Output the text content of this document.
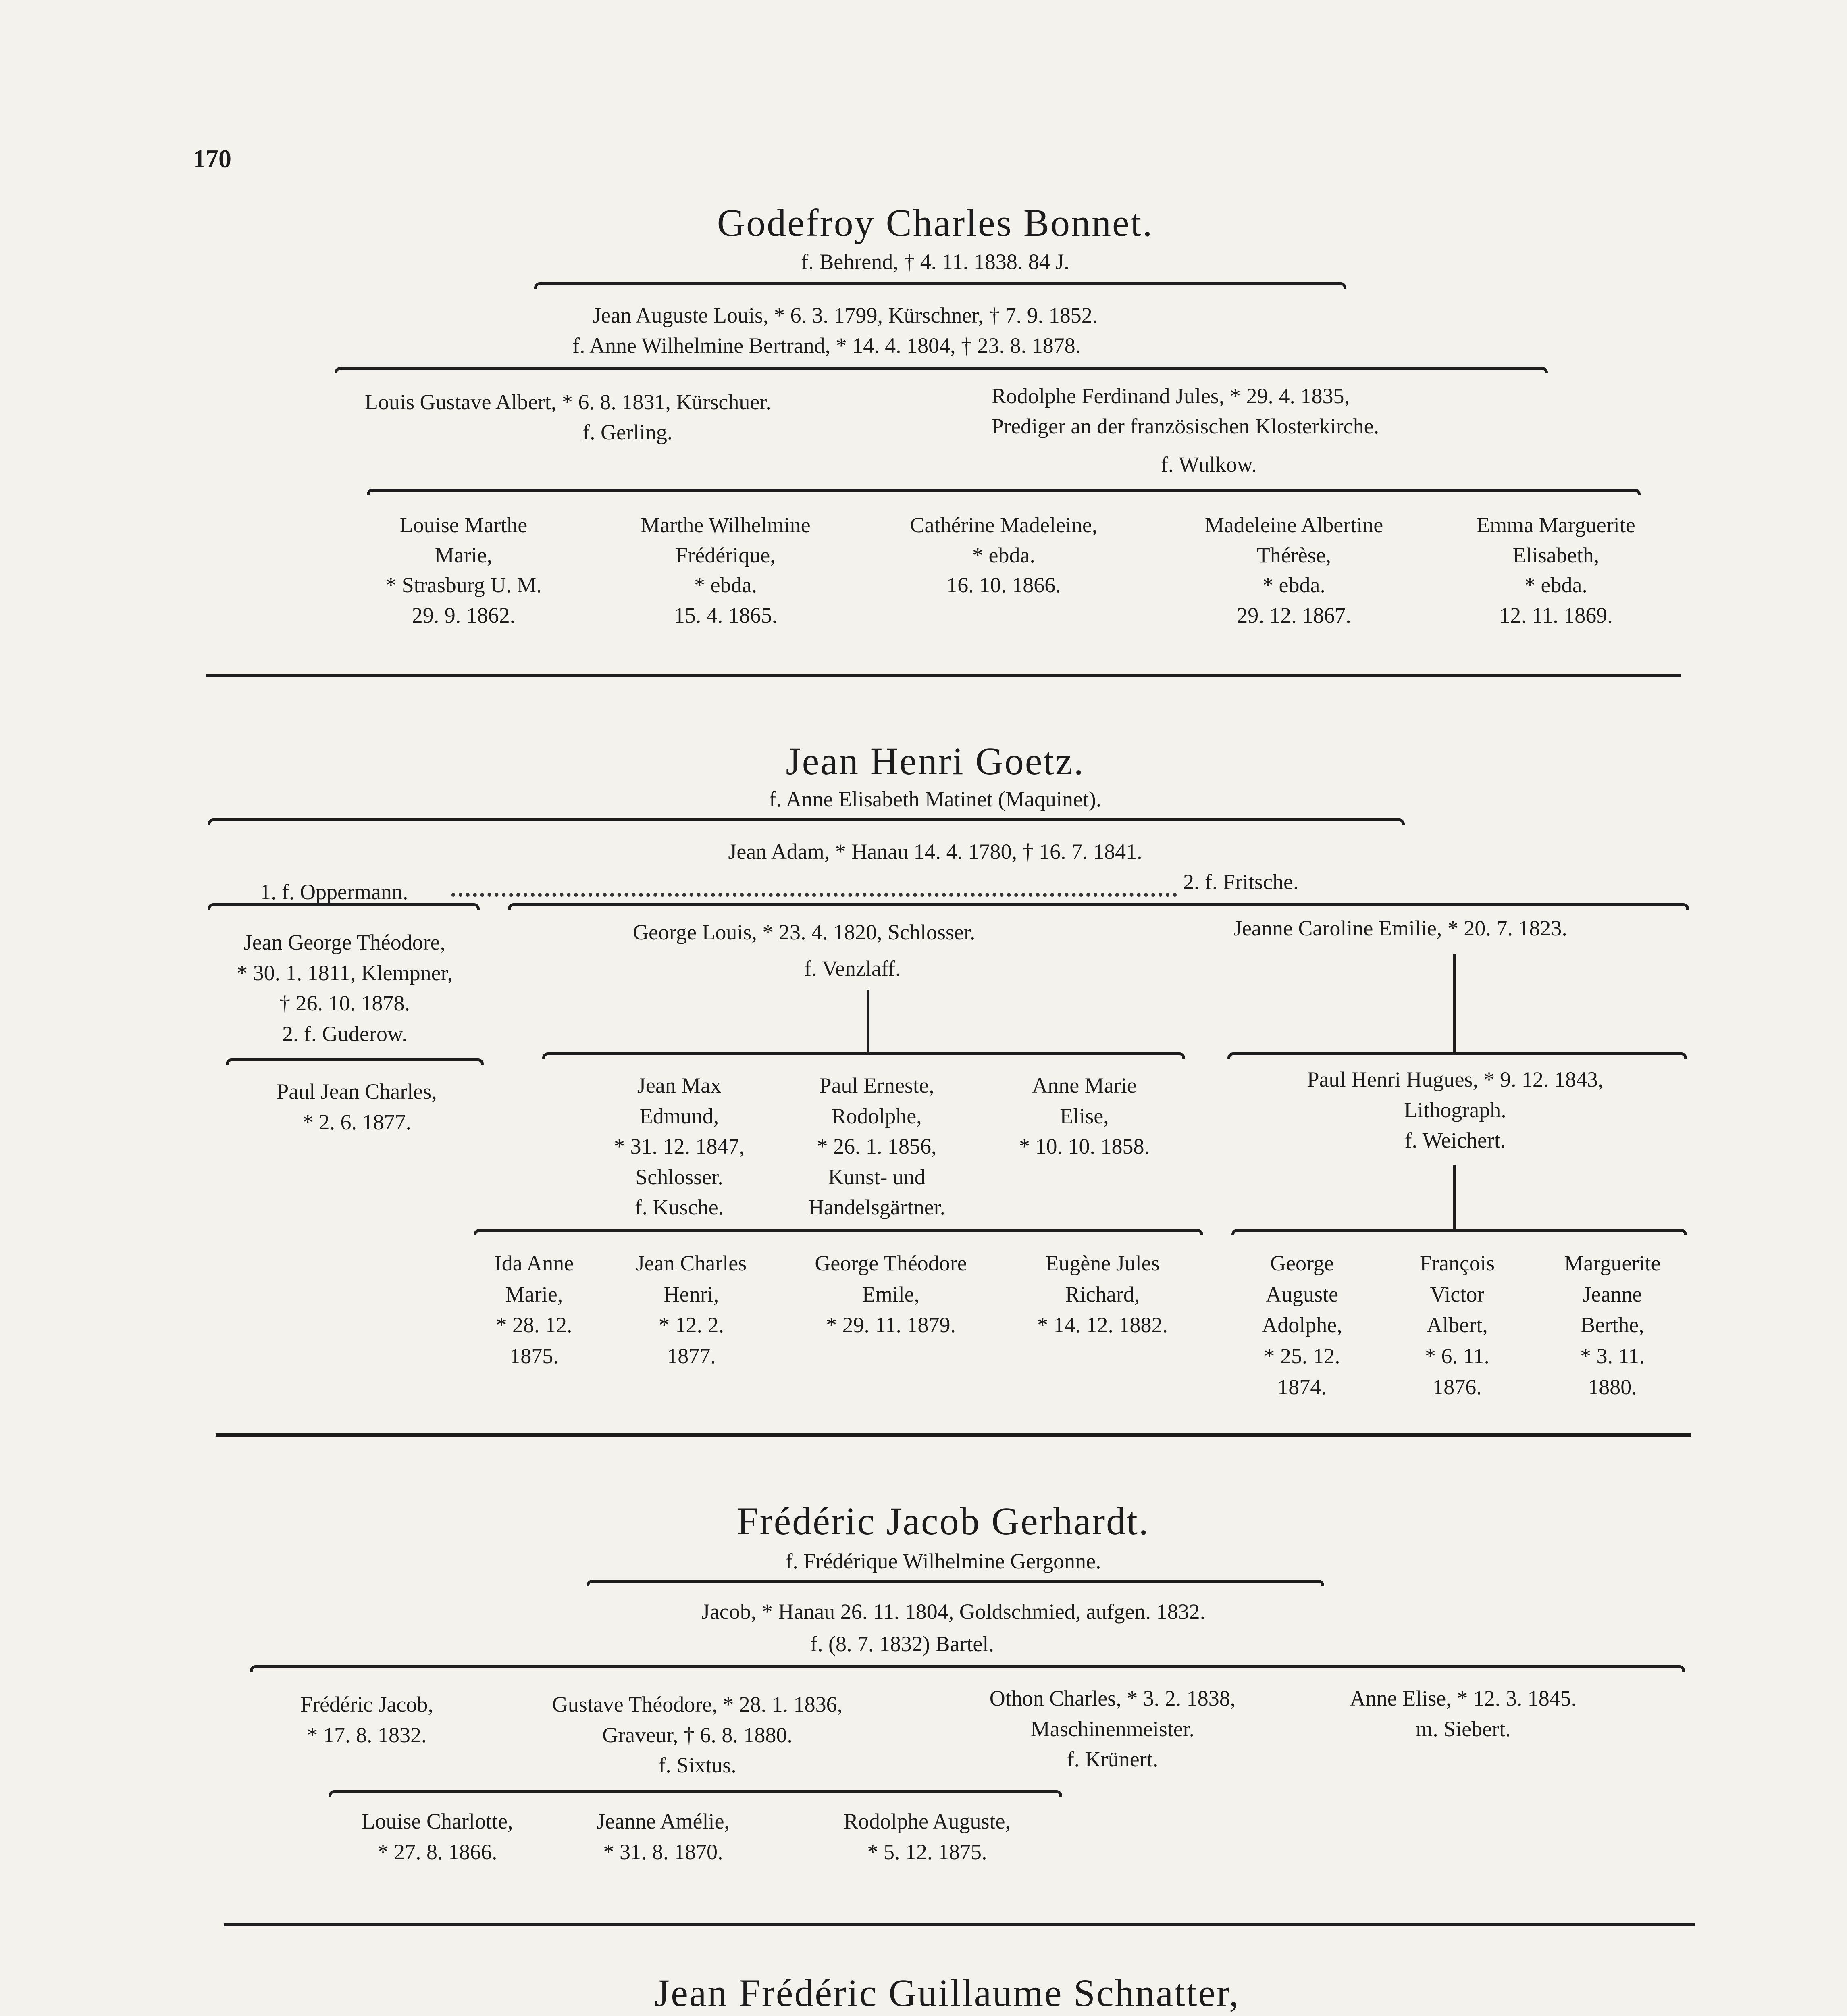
170
Godefroy Charles Bonnet.
f. Behrend, † 4. 11. 1838. 84 J.
Jean Auguste Louis, * 6. 3. 1799, Kürschner, † 7. 9. 1852.
f. Anne Wilhelmine Bertrand, * 14. 4. 1804, † 23. 8. 1878.
Louis Gustave Albert, * 6. 8. 1831, Kürschuer.
f. Gerling.
Rodolphe Ferdinand Jules, * 29. 4. 1835,
Prediger an der französischen Klosterkirche.
f. Wulkow.
Louise Marthe
Marie,
* Strasburg U. M.
29. 9. 1862.
Marthe Wilhelmine
Frédérique,
* ebda.
15. 4. 1865.
Cathérine Madeleine,
* ebda.
16. 10. 1866.
Madeleine Albertine
Thérèse,
* ebda.
29. 12. 1867.
Emma Marguerite
Elisabeth,
* ebda.
12. 11. 1869.
Jean Henri Goetz.
f. Anne Elisabeth Matinet (Maquinet).
Jean Adam, * Hanau 14. 4. 1780, † 16. 7. 1841.
1. f. Oppermann.	2. f. Fritsche.
Jean George Théodore,
* 30. 1. 1811, Klempner,
† 26. 10. 1878.
2. f. Guderow.
Paul Jean Charles,
* 2. 6. 1877.
George Louis, * 23. 4. 1820, Schlosser.
f. Venzlaff.
Jeanne Caroline Emilie, * 20. 7. 1823.
Jean Max
Edmund,
* 31. 12. 1847,
Schlosser.
f. Kusche.
Paul Erneste,
Rodolphe,
* 26. 1. 1856,
Kunst- und
Handelsgärtner.
Anne Marie
Elise,
* 10. 10. 1858.
Paul Henri Hugues, * 9. 12. 1843,
Lithograph.
f. Weichert.
Ida Anne
Marie,
* 28. 12.
1875.
Jean Charles
Henri,
* 12. 2.
1877.
George Théodore
Emile,
* 29. 11. 1879.
Eugène Jules
Richard,
* 14. 12. 1882.
George
Auguste
Adolphe,
* 25. 12.
1874.
François
Victor
Albert,
* 6. 11.
1876.
Marguerite
Jeanne
Berthe,
* 3. 11.
1880.
Frédéric Jacob Gerhardt.
f. Frédérique Wilhelmine Gergonne.
Jacob, * Hanau 26. 11. 1804, Goldschmied, aufgen. 1832.
f. (8. 7. 1832) Bartel.
Frédéric Jacob,
* 17. 8. 1832.
Gustave Théodore, * 28. 1. 1836,
Graveur, † 6. 8. 1880.
f. Sixtus.
Othon Charles, * 3. 2. 1838,
Maschinenmeister.
f. Krünert.
Anne Elise, * 12. 3. 1845.
m. Siebert.
Louise Charlotte,
* 27. 8. 1866.
Jeanne Amélie,
* 31. 8. 1870.
Rodolphe Auguste,
* 5. 12. 1875.
Jean Frédéric Guillaume Schnatter,
